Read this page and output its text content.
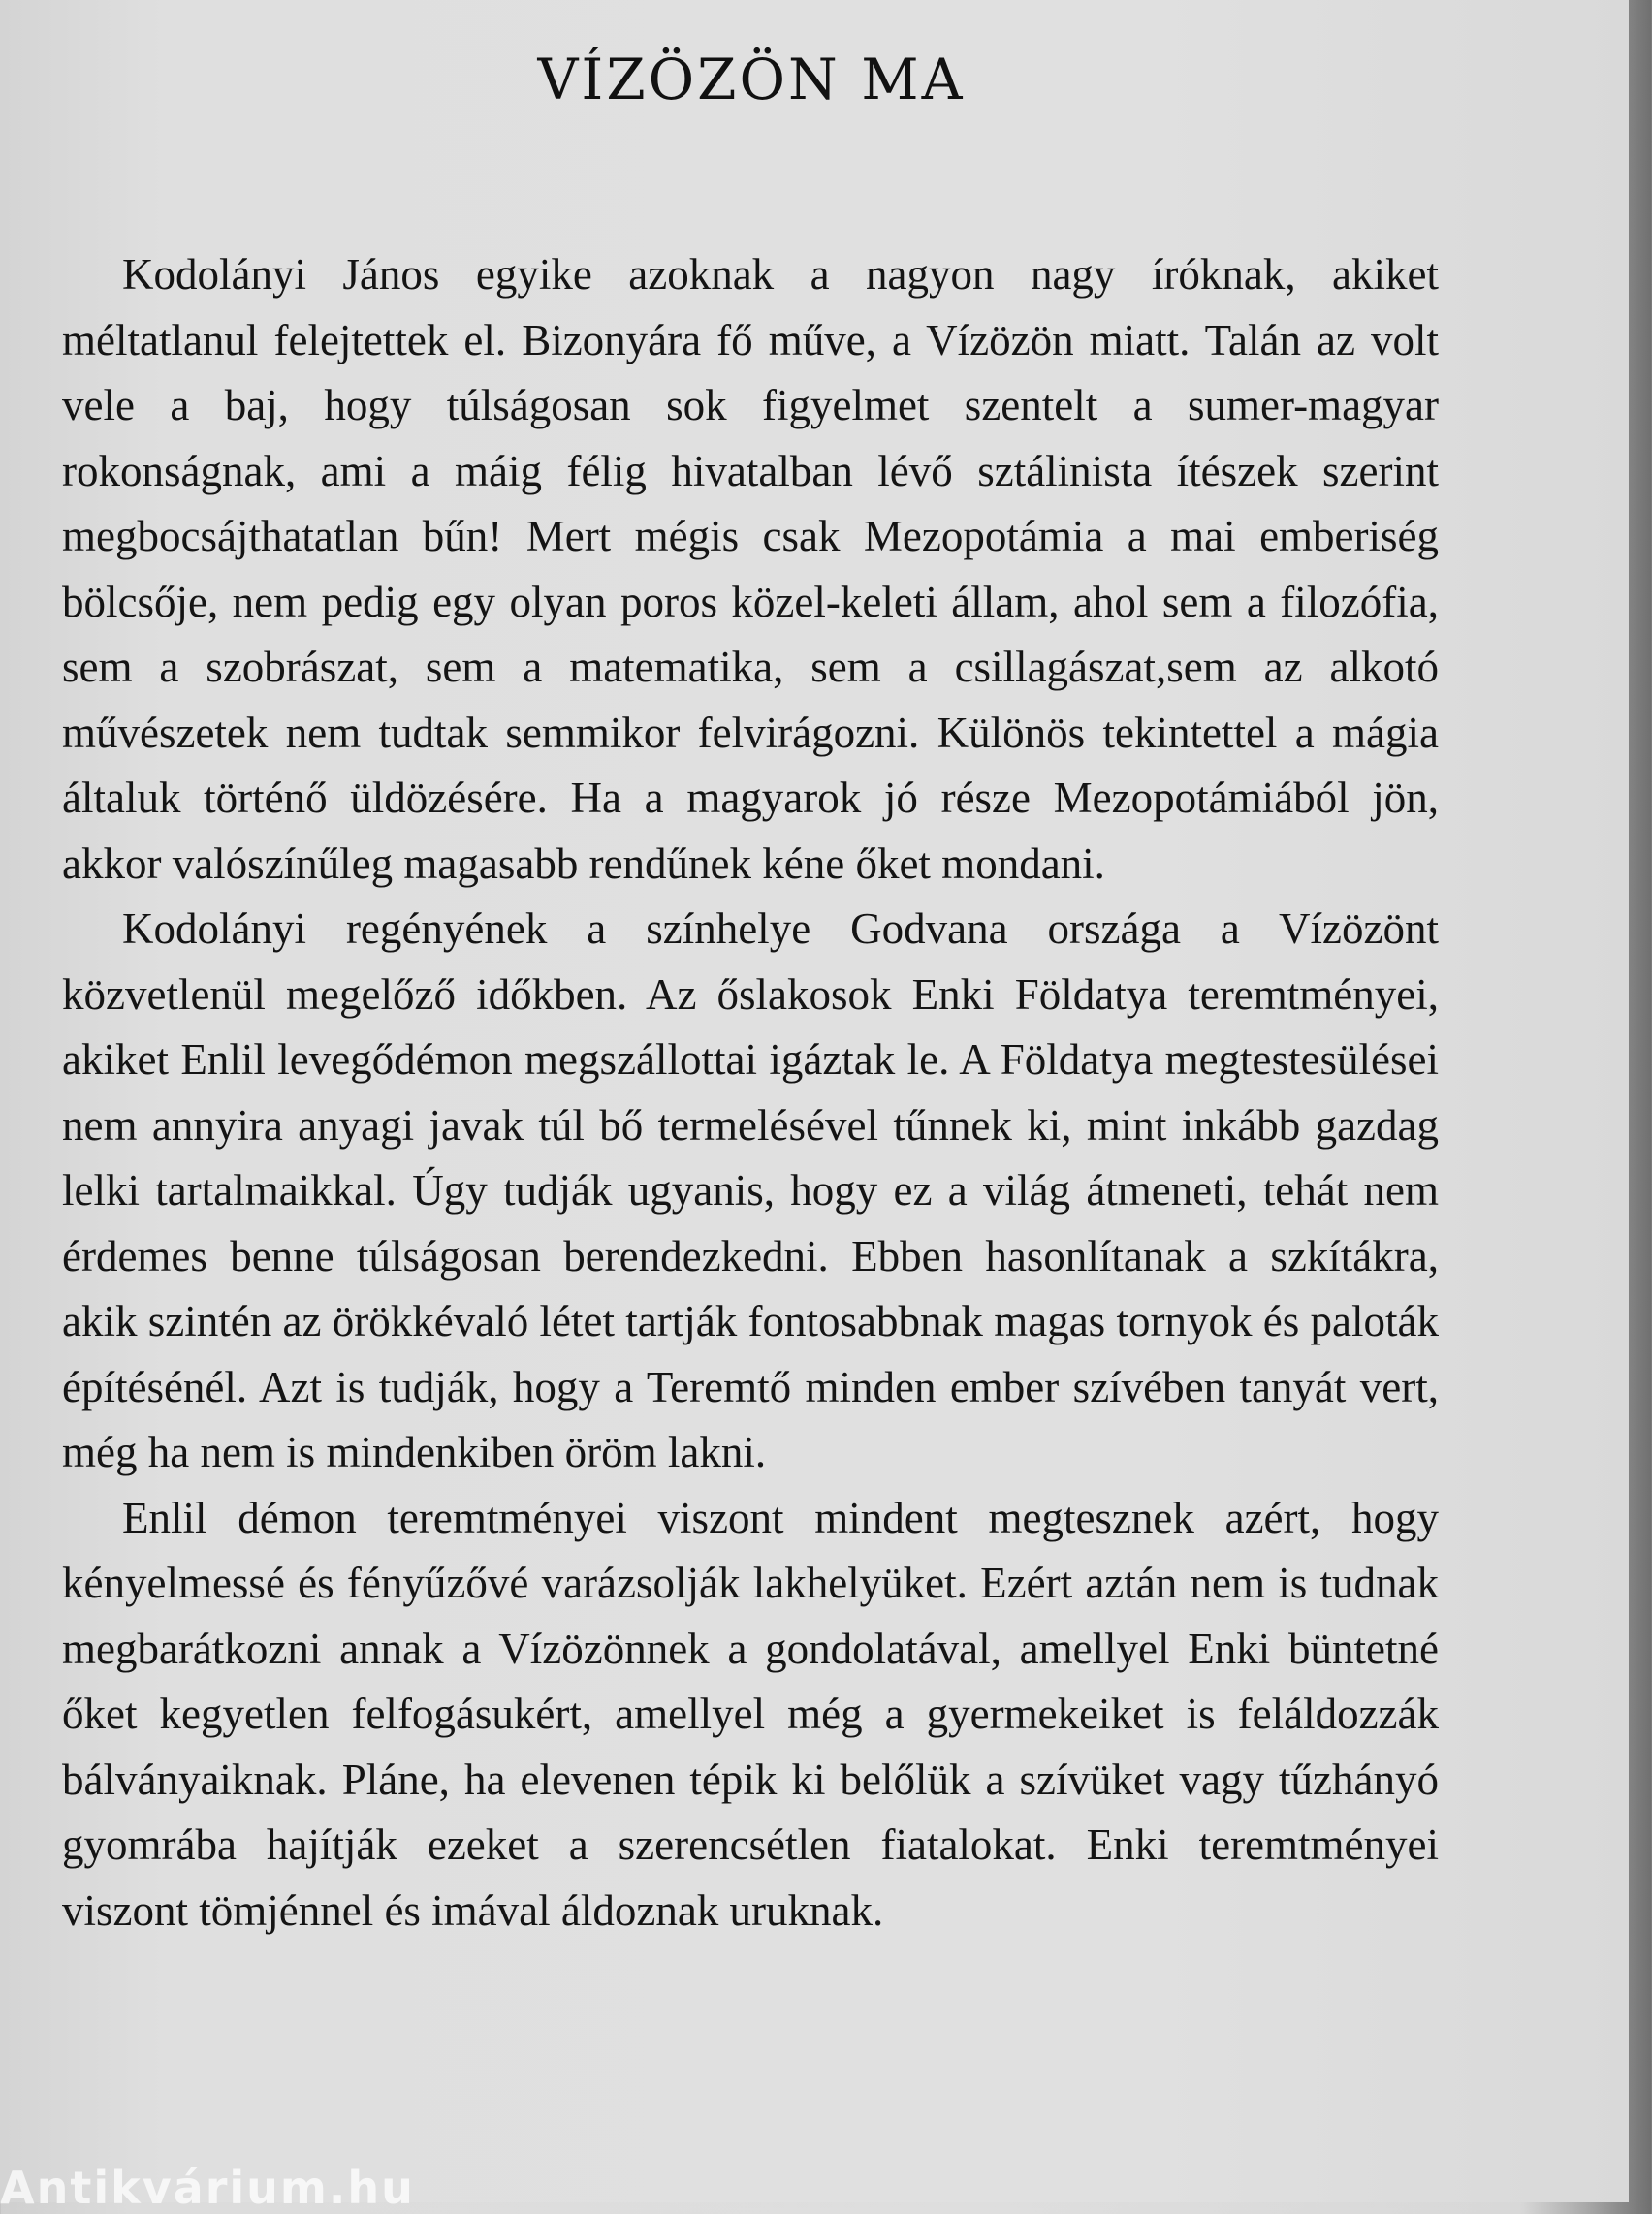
VÍZÖZÖN MA

Kodolányi János egyike azoknak a nagyon nagy íróknak, akiket méltatlanul felejtettek el. Bizonyára fő műve, a Vízözön miatt. Talán az volt vele a baj, hogy túlságosan sok figyelmet szentelt a sumer-magyar rokonságnak, ami a máig félig hivatalban lévő sztálinista ítészek szerint megbocsájthatatlan bűn! Mert mégis csak Mezopotámia a mai emberiség bölcsője, nem pedig egy olyan poros közel-keleti állam, ahol sem a filozófia, sem a szobrászat, sem a matematika, sem a csillagászat,sem az alkotó művészetek nem tudtak semmikor felvirágozni. Különös tekintettel a mágia általuk történő üldözésére. Ha a magyarok jó része Mezopotámiából jön, akkor valószínűleg magasabb rendűnek kéne őket mondani.

Kodolányi regényének a színhelye Godvana országa a Vízözönt közvetlenül megelőző időkben. Az őslakosok Enki Földatya teremtményei, akiket Enlil levegődémon megszállottai igáztak le. A Földatya megtestesülései nem annyira anyagi javak túl bő termelésével tűnnek ki, mint inkább gazdag lelki tartalmaikkal. Úgy tudják ugyanis, hogy ez a világ átmeneti, tehát nem érdemes benne túlságosan berendezkedni. Ebben hasonlítanak a szkítákra, akik szintén az örökkévaló létet tartják fontosabbnak magas tornyok és paloták építésénél. Azt is tudják, hogy a Teremtő minden ember szívében tanyát vert, még ha nem is mindenkiben öröm lakni.

Enlil démon teremtményei viszont mindent megtesznek azért, hogy kényelmessé és fényűzővé varázsolják lakhelyüket. Ezért aztán nem is tudnak megbarátkozni annak a Vízözönnek a gondolatával, amellyel Enki büntetné őket kegyetlen felfogásukért, amellyel még a gyermekeiket is feláldozzák bálványaiknak. Pláne, ha elevenen tépik ki belőlük a szívüket vagy tűzhányó gyomrába hajítják ezeket a szerencsétlen fiatalokat. Enki teremtményei viszont tömjénnel és imával áldoznak uruknak.

Antikvárium.hu
